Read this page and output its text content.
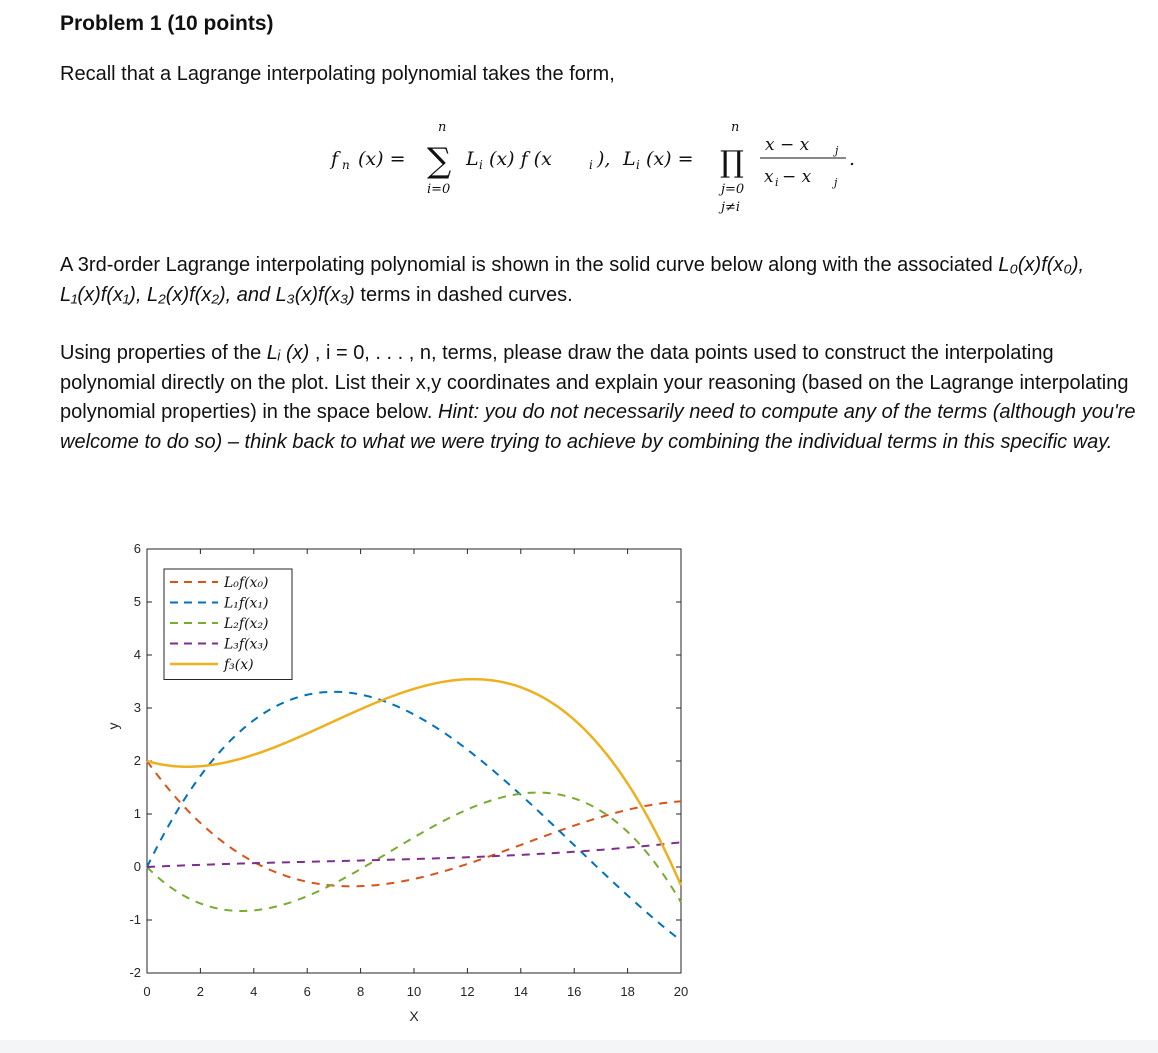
Problem 1 (10 points)
Recall that a Lagrange interpolating polynomial takes the form,
f n (x) =
n
∑
i=0
L i (x) f (x	i ), L i (x) =
n
∏
j=0
j≠i
x − x j
x i − x j
.
A 3rd-order Lagrange interpolating polynomial is shown in the solid curve below along with the associated L₀(x)f(x₀), L₁(x)f(x₁), L₂(x)f(x₂), and L₃(x)f(x₃) terms in dashed curves.
Using properties of the Lᵢ (x) , i = 0, . . . , n, terms, please draw the data points used to construct the interpolating polynomial directly on the plot. List their x,y coordinates and explain your reasoning (based on the Lagrange interpolating polynomial properties) in the space below. Hint: you do not necessarily need to compute any of the terms (although you're welcome to do so) – think back to what we were trying to achieve by combining the individual terms in this specific way.
0	2	4	6	8	10	12	14	16	18	20
-2
-1
0
1
2
3
4
5
6
X
y
L₀f(x₀)
L₁f(x₁)
L₂f(x₂)
L₃f(x₃)
f₃(x)
